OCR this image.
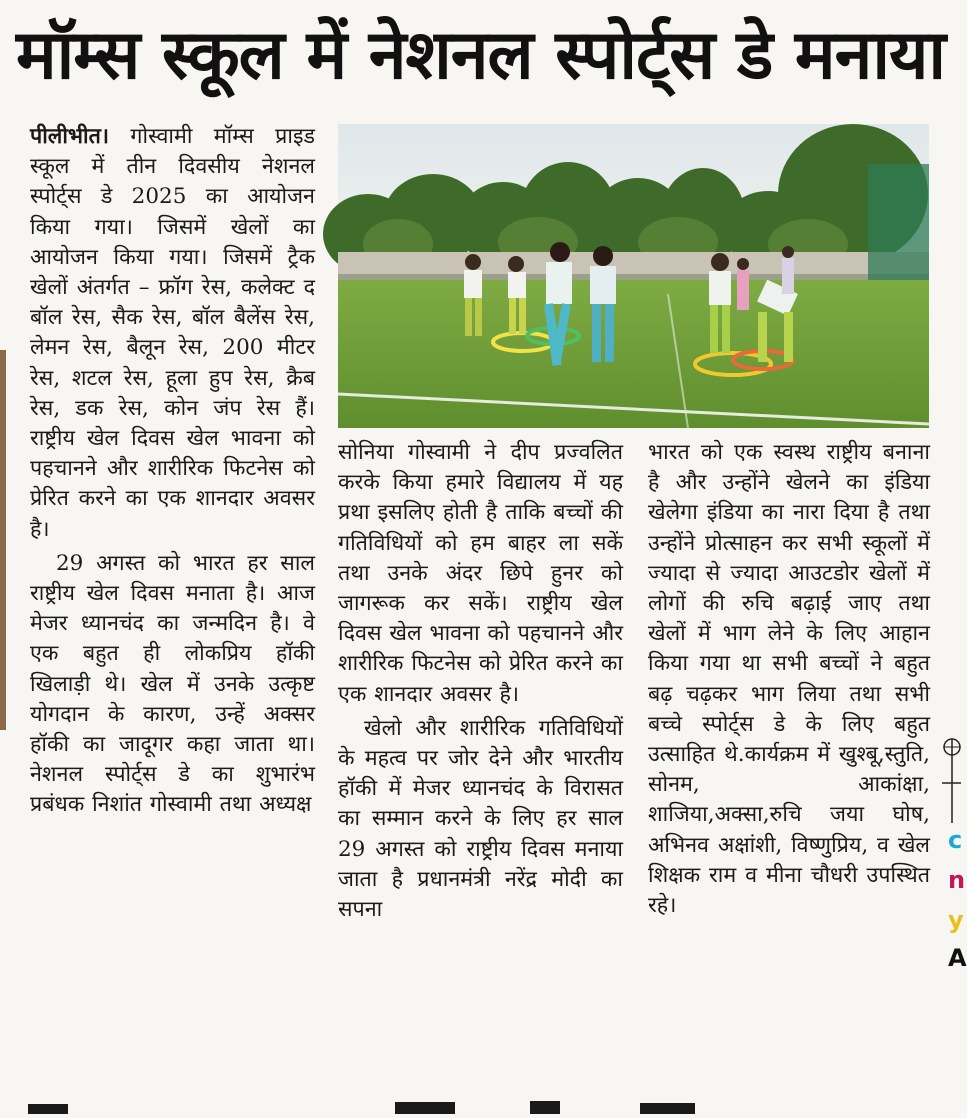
मॉम्स स्कूल में नेशनल स्पोर्ट्स डे मनाया

पीलीभीत। गोस्वामी मॉम्स प्राइड स्कूल में तीन दिवसीय नेशनल स्पोर्ट्स डे 2025 का आयोजन किया गया। जिसमें खेलों का आयोजन किया गया। जिसमें ट्रैक खेलों अंतर्गत – फ्रॉग रेस, कलेक्ट द बॉल रेस, सैक रेस, बॉल बैलेंस रेस, लेमन रेस, बैलून रेस, 200 मीटर रेस, शटल रेस, हूला हुप रेस, क्रैब रेस, डक रेस, कोन जंप रेस हैं। राष्ट्रीय खेल दिवस खेल भावना को पहचानने और शारीरिक फिटनेस को प्रेरित करने का एक शानदार अवसर है।

29 अगस्त को भारत हर साल राष्ट्रीय खेल दिवस मनाता है। आज मेजर ध्यानचंद का जन्मदिन है। वे एक बहुत ही लोकप्रिय हॉकी खिलाड़ी थे। खेल में उनके उत्कृष्ट योगदान के कारण, उन्हें अक्सर हॉकी का जादूगर कहा जाता था। नेशनल स्पोर्ट्स डे का शुभारंभ प्रबंधक निशांत गोस्वामी तथा अध्यक्ष

सोनिया गोस्वामी ने दीप प्रज्वलित करके किया हमारे विद्यालय में यह प्रथा इसलिए होती है ताकि बच्चों की गतिविधियों को हम बाहर ला सकें तथा उनके अंदर छिपे हुनर को जागरूक कर सकें। राष्ट्रीय खेल दिवस खेल भावना को पहचानने और शारीरिक फिटनेस को प्रेरित करने का एक शानदार अवसर है।

खेलो और शारीरिक गतिविधियों के महत्व पर जोर देने और भारतीय हॉकी में मेजर ध्यानचंद के विरासत का सम्मान करने के लिए हर साल 29 अगस्त को राष्ट्रीय दिवस मनाया जाता है प्रधानमंत्री नरेंद्र मोदी का सपना

भारत को एक स्वस्थ राष्ट्रीय बनाना है और उन्होंने खेलने का इंडिया खेलेगा इंडिया का नारा दिया है तथा उन्होंने प्रोत्साहन कर सभी स्कूलों में ज्यादा से ज्यादा आउटडोर खेलों में लोगों की रुचि बढ़ाई जाए तथा खेलों में भाग लेने के लिए आहान किया गया था सभी बच्चों ने बहुत बढ़ चढ़कर भाग लिया तथा सभी बच्चे स्पोर्ट्स डे के लिए बहुत उत्साहित थे.कार्यक्रम में खुश्बू,स्तुति, सोनम, आकांक्षा, शाजिया,अक्सा,रुचि जया घोष, अभिनव अक्षांशी, विष्णुप्रिय, व खेल शिक्षक राम व मीना चौधरी उपस्थित रहे।

c
n
y
A
